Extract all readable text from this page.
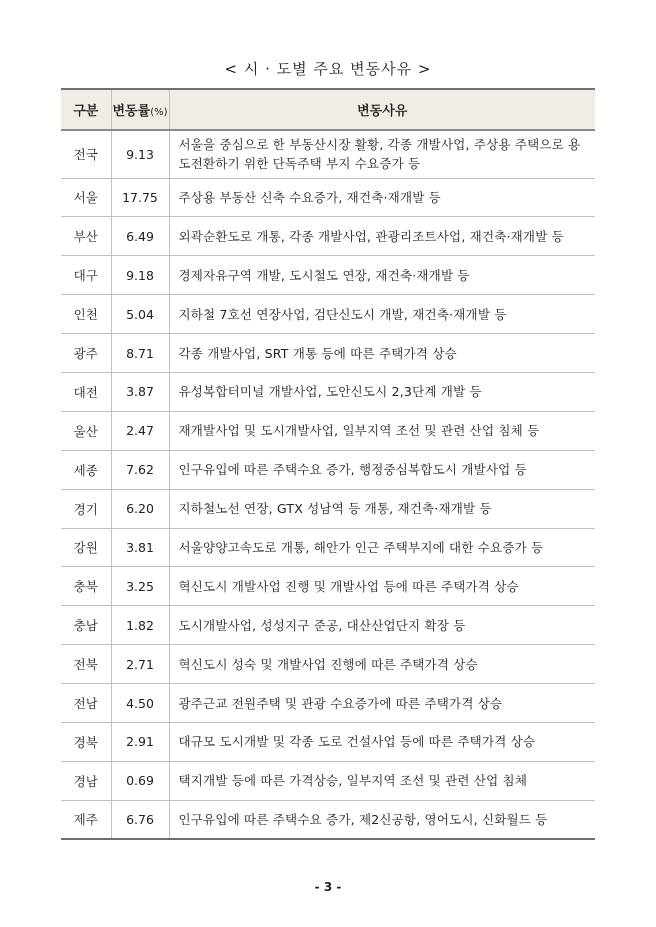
< 시 · 도별 주요 변동사유 >
구분	변동률(%)	변동사유
전국	9.13	서울을 중심으로 한 부동산시장 활황, 각종 개발사업, 주상용 주택으로 용도전환하기 위한 단독주택 부지 수요증가 등
서울	17.75	주상용 부동산 신축 수요증가, 재건축·재개발 등
부산	6.49	외곽순환도로 개통, 각종 개발사업, 관광리조트사업, 재건축·재개발 등
대구	9.18	경제자유구역 개발, 도시철도 연장, 재건축·재개발 등
인천	5.04	지하철 7호선 연장사업, 검단신도시 개발, 재건축·재개발 등
광주	8.71	각종 개발사업, SRT 개통 등에 따른 주택가격 상승
대전	3.87	유성복합터미널 개발사업, 도안신도시 2,3단계 개발 등
울산	2.47	재개발사업 및 도시개발사업, 일부지역 조선 및 관련 산업 침체 등
세종	7.62	인구유입에 따른 주택수요 증가, 행정중심복합도시 개발사업 등
경기	6.20	지하철노선 연장, GTX 성남역 등 개통, 재건축·재개발 등
강원	3.81	서울양양고속도로 개통, 해안가 인근 주택부지에 대한 수요증가 등
충북	3.25	혁신도시 개발사업 진행 및 개발사업 등에 따른 주택가격 상승
충남	1.82	도시개발사업, 성성지구 준공, 대산산업단지 확장 등
전북	2.71	혁신도시 성숙 및 개발사업 진행에 따른 주택가격 상승
전남	4.50	광주근교 전원주택 및 관광 수요증가에 따른 주택가격 상승
경북	2.91	대규모 도시개발 및 각종 도로 건설사업 등에 따른 주택가격 상승
경남	0.69	택지개발 등에 따른 가격상승, 일부지역 조선 및 관련 산업 침체
제주	6.76	인구유입에 따른 주택수요 증가, 제2신공항, 영어도시, 신화월드 등
- 3 -
